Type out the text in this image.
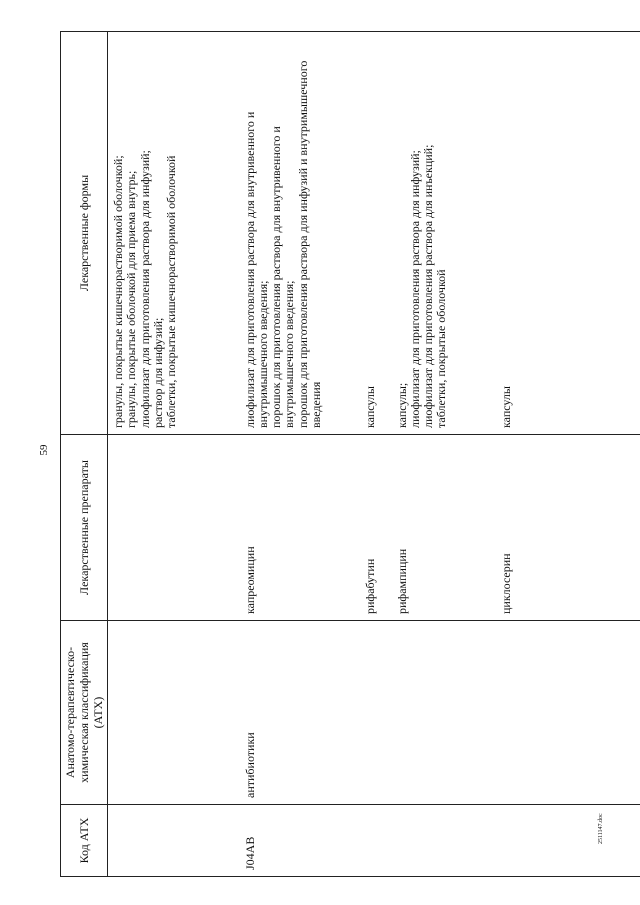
59
Код АТХ	Анатомо-терапевтическо-химическая классификация (АТХ)	Лекарственные препараты	Лекарственные формы

			гранулы, покрытые кишечнорастворимой оболочкой; гранулы, покрытые оболочкой для приема внутрь; лиофилизат для приготовления раствора для инфузий; раствор для инфузий; таблетки, покрытые кишечнорастворимой оболочкой

J04AB	антибиотики	капреомицин	лиофилизат для приготовления раствора для внутривенного и внутримышечного введения; порошок для приготовления раствора для внутривенного и внутримышечного введения; порошок для приготовления раствора для инфузий и внутримышечного введения

		рифабутин	капсулы

		рифампицин	капсулы; лиофилизат для приготовления раствора для инфузий; лиофилизат для приготовления раствора для инъекций; таблетки, покрытые оболочкой

		циклосерин	капсулы
2511147.doc
